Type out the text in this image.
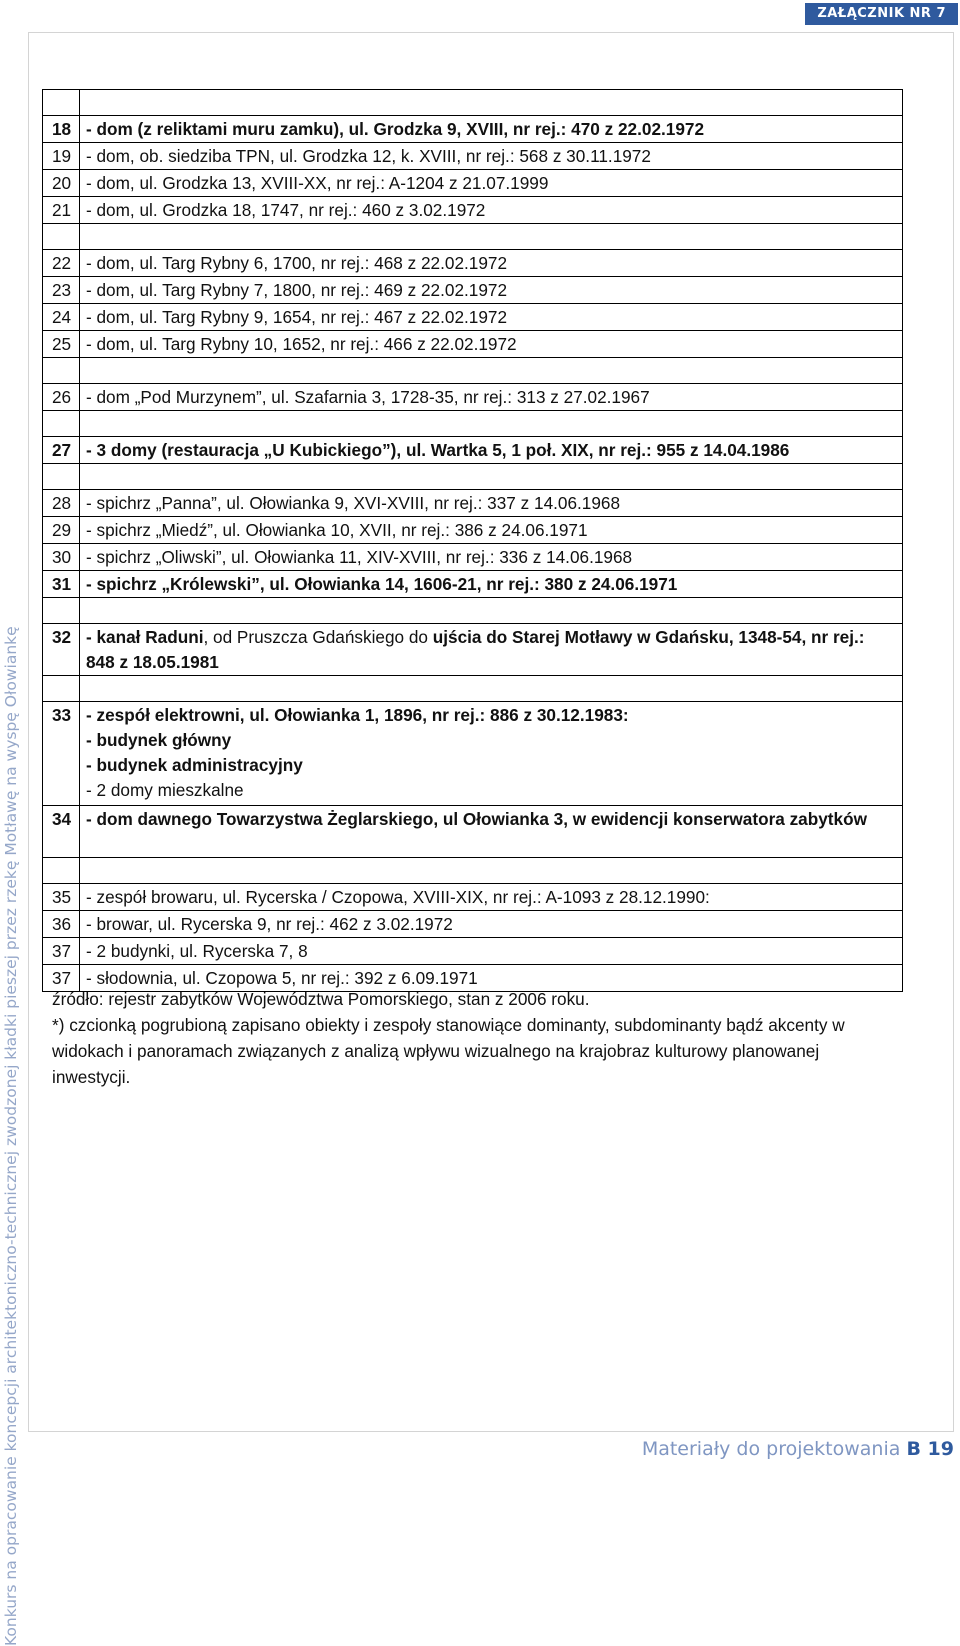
ZAŁĄCZNIK NR 7
Konkurs na opracowanie koncepcji architektoniczno-technicznej zwodzonej kładki pieszej przez rzekę Motławę na wyspę Ołowiankę

18	- dom (z reliktami muru zamku), ul. Grodzka 9, XVIII, nr rej.: 470 z 22.02.1972
19	- dom, ob. siedziba TPN, ul. Grodzka 12, k. XVIII, nr rej.: 568 z 30.11.1972
20	- dom, ul. Grodzka 13, XVIII-XX, nr rej.: A-1204 z 21.07.1999
21	- dom, ul. Grodzka 18, 1747, nr rej.: 460 z 3.02.1972

22	- dom, ul. Targ Rybny 6, 1700, nr rej.: 468 z 22.02.1972
23	- dom, ul. Targ Rybny 7, 1800, nr rej.: 469 z 22.02.1972
24	- dom, ul. Targ Rybny 9, 1654, nr rej.: 467 z 22.02.1972
25	- dom, ul. Targ Rybny 10, 1652, nr rej.: 466 z 22.02.1972

26	- dom „Pod Murzynem”, ul. Szafarnia 3, 1728-35, nr rej.: 313 z 27.02.1967

27	- 3 domy (restauracja „U Kubickiego”), ul. Wartka 5, 1 poł. XIX, nr rej.: 955 z 14.04.1986

28	- spichrz „Panna”, ul. Ołowianka 9, XVI-XVIII, nr rej.: 337 z 14.06.1968
29	- spichrz „Miedź”, ul. Ołowianka 10, XVII, nr rej.: 386 z 24.06.1971
30	- spichrz „Oliwski”, ul. Ołowianka 11, XIV-XVIII, nr rej.: 336 z 14.06.1968
31	- spichrz „Królewski”, ul. Ołowianka 14, 1606-21, nr rej.: 380 z 24.06.1971

32	- kanał Raduni, od Pruszcza Gdańskiego do ujścia do Starej Motławy w Gdańsku, 1348-54, nr rej.: 848 z 18.05.1981

33	- zespół elektrowni, ul. Ołowianka 1, 1896, nr rej.: 886 z 30.12.1983:
- budynek główny
- budynek administracyjny
- 2 domy mieszkalne

34	- dom dawnego Towarzystwa Żeglarskiego, ul Ołowianka 3, w ewidencji konserwatora zabytków

35	- zespół browaru, ul. Rycerska / Czopowa, XVIII-XIX, nr rej.: A-1093 z 28.12.1990:
36	- browar, ul. Rycerska 9, nr rej.: 462 z 3.02.1972
37	- 2 budynki, ul. Rycerska 7, 8
37	- słodownia, ul. Czopowa 5, nr rej.: 392 z 6.09.1971

źródło: rejestr zabytków Województwa Pomorskiego, stan z 2006 roku.

*) czcionką pogrubioną zapisano obiekty i zespoły stanowiące dominanty, subdominanty bądź akcenty w widokach i panoramach związanych z analizą wpływu wizualnego na krajobraz kulturowy planowanej inwestycji.

Materiały do projektowania B 19
